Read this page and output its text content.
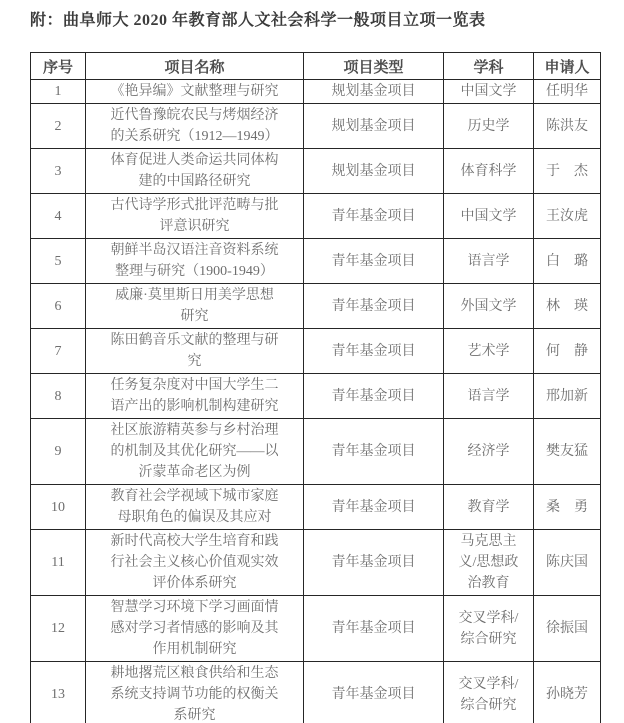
附：曲阜师大 2020 年教育部人文社会科学一般项目立项一览表
序号	项目名称	项目类型	学科	申请人
1	《艳异编》文献整理与研究	规划基金项目	中国文学	任明华
2	近代鲁豫皖农民与烤烟经济的关系研究（1912—1949）	规划基金项目	历史学	陈洪友
3	体育促进人类命运共同体构建的中国路径研究	规划基金项目	体育科学	于　杰
4	古代诗学形式批评范畴与批评意识研究	青年基金项目	中国文学	王汝虎
5	朝鲜半岛汉语注音资料系统整理与研究（1900-1949）	青年基金项目	语言学	白　璐
6	威廉·莫里斯日用美学思想研究	青年基金项目	外国文学	林　瑛
7	陈田鹤音乐文献的整理与研究	青年基金项目	艺术学	何　静
8	任务复杂度对中国大学生二语产出的影响机制构建研究	青年基金项目	语言学	邢加新
9	社区旅游精英参与乡村治理的机制及其优化研究——以沂蒙革命老区为例	青年基金项目	经济学	樊友猛
10	教育社会学视域下城市家庭母职角色的偏误及其应对	青年基金项目	教育学	桑　勇
11	新时代高校大学生培育和践行社会主义核心价值观实效评价体系研究	青年基金项目	马克思主义/思想政治教育	陈庆国
12	智慧学习环境下学习画面情感对学习者情感的影响及其作用机制研究	青年基金项目	交叉学科/综合研究	徐振国
13	耕地撂荒区粮食供给和生态系统支持调节功能的权衡关系研究	青年基金项目	交叉学科/综合研究	孙晓芳
